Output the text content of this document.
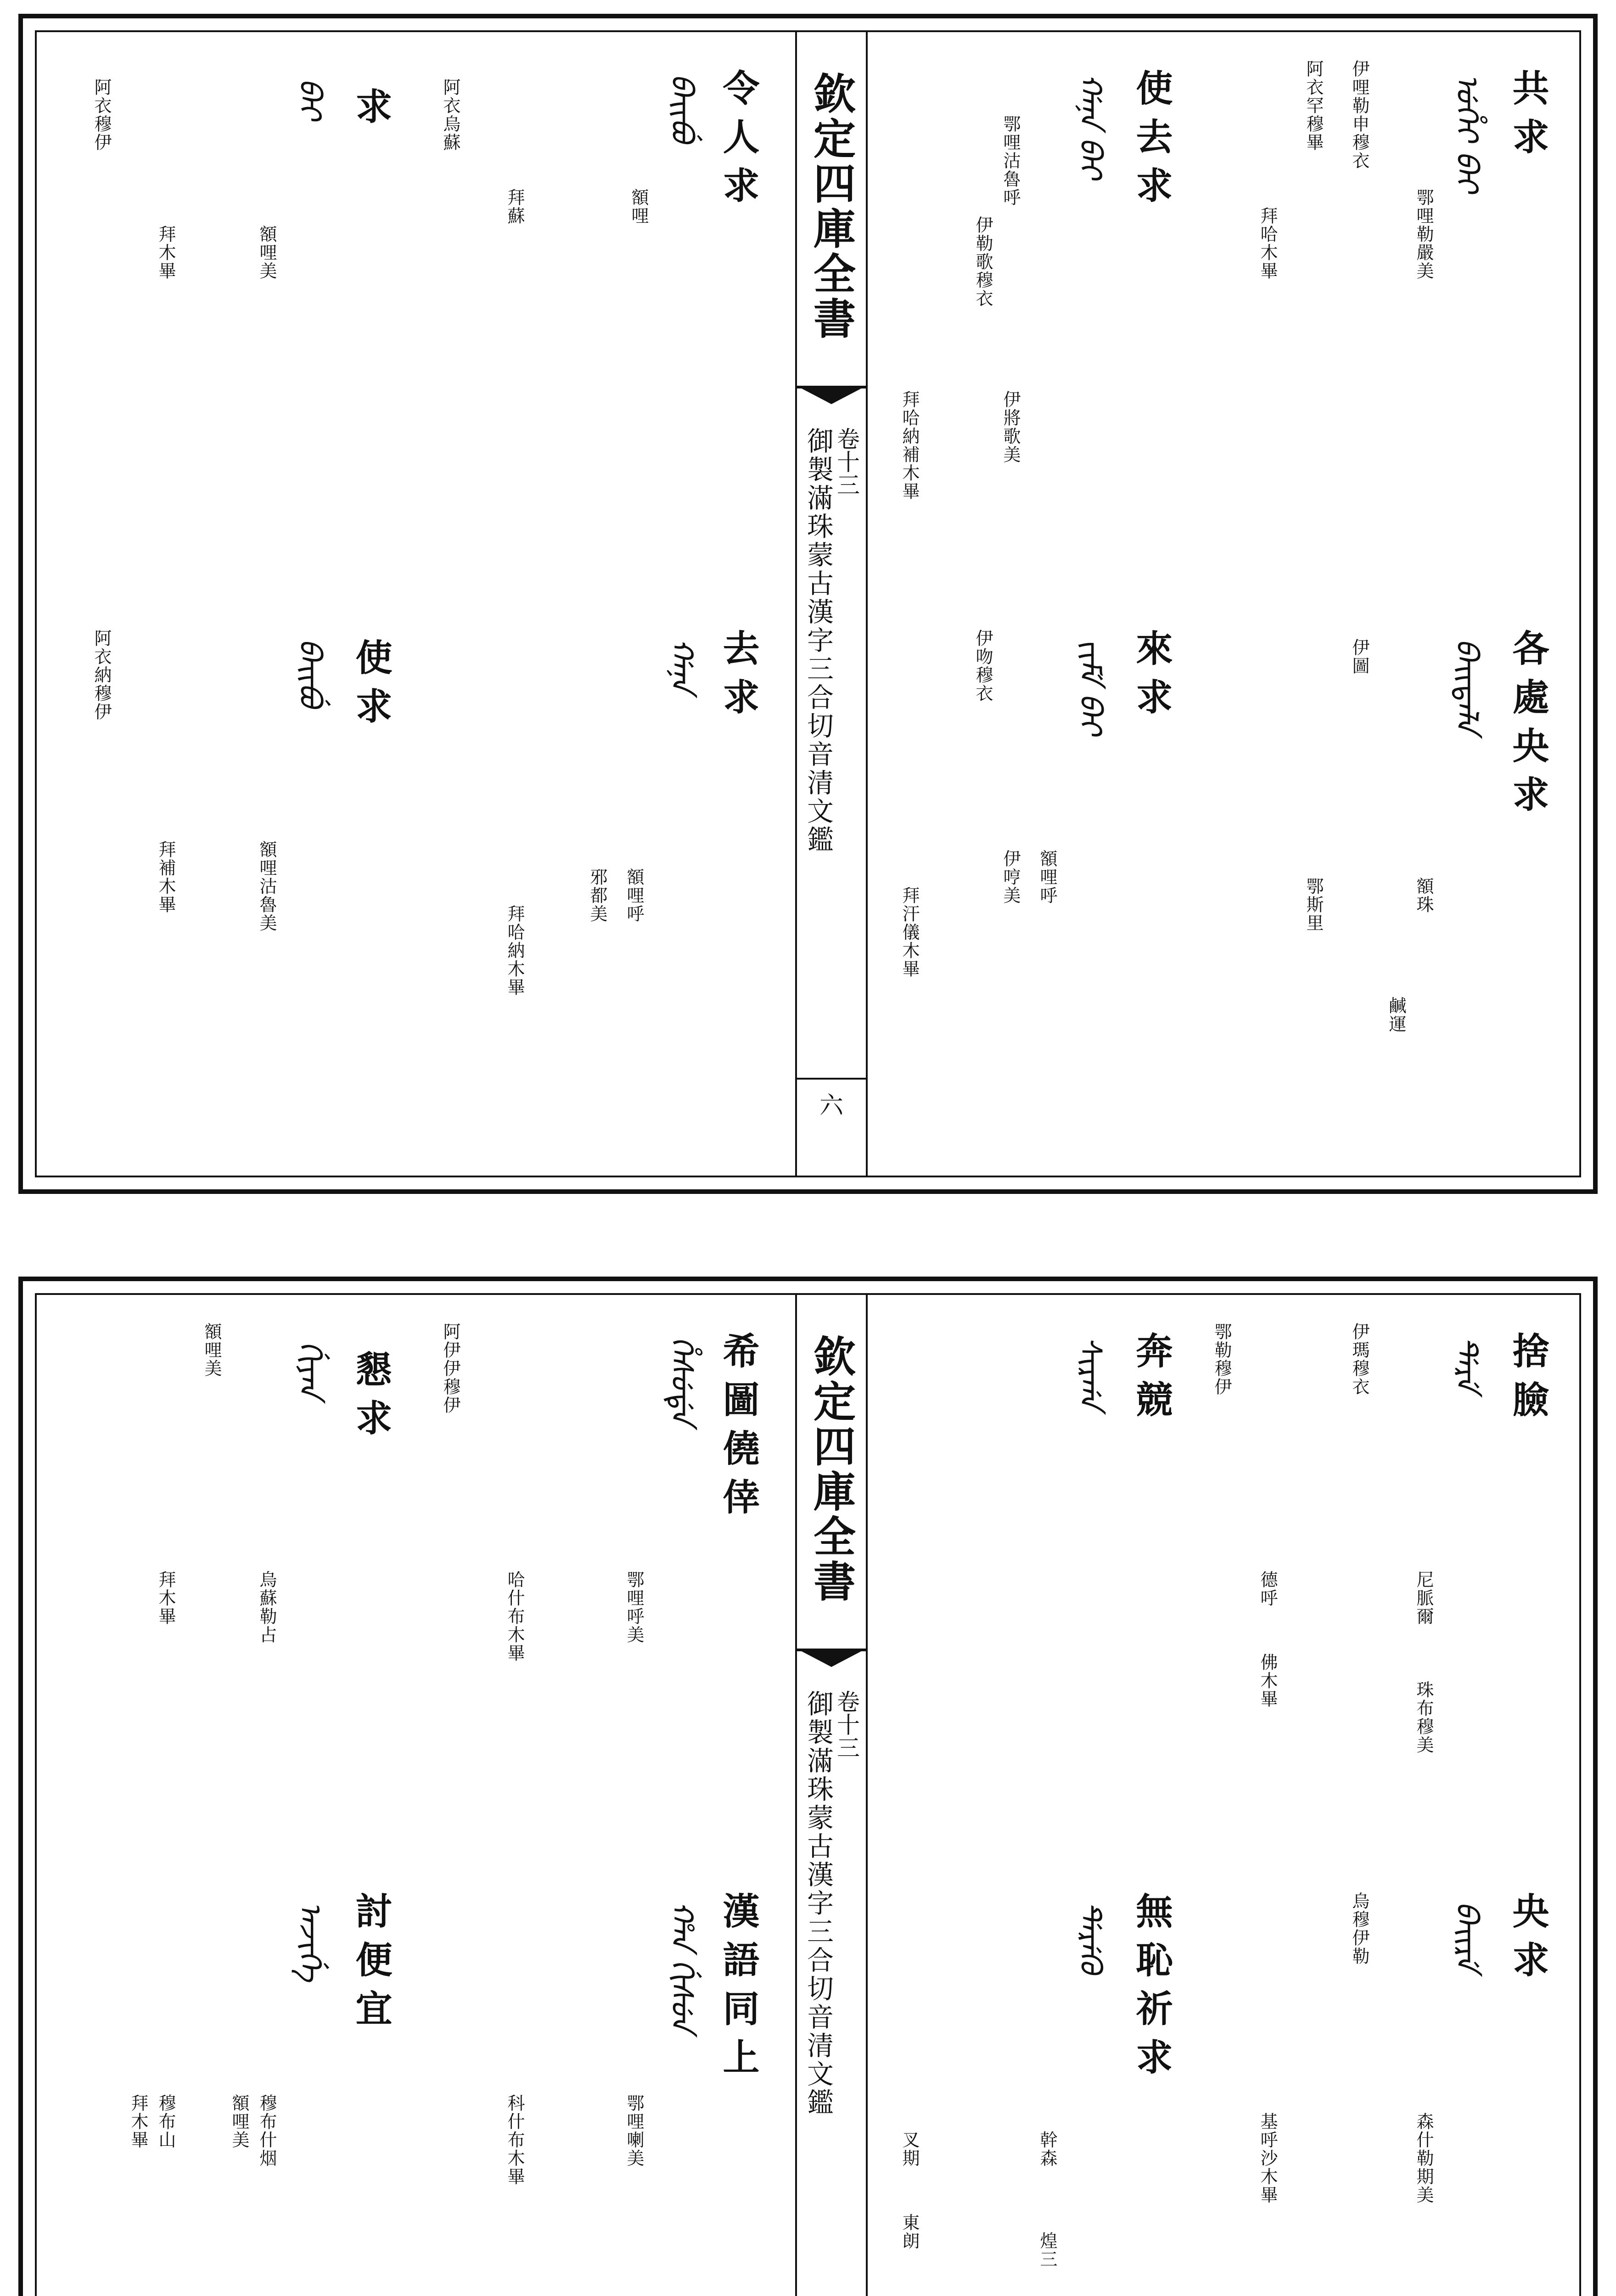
令人求
ᠪᠠᡳᠪᡠ
額哩
拜蘇
阿衣烏蘇
求
ᠪᠠᡳ
額哩美
拜木畢
阿衣穆伊
去求
ᡤᠠᠨᠠ
額哩呼
邪都美
拜哈納木畢
使求
ᠪᠠᡳᠪᡠ
額哩沽魯美
拜補木畢
阿衣納穆伊
欽定四庫全書
卷十三
御製滿珠蒙古漢字三合切音清文鑑
六
共求
ᡠᡥᡝᡳ ᠪᠠᡳ
鄂哩勒嚴美
伊哩勒申穆衣
阿衣罕穆畢
拜哈木畢
使去求
ᡤᠠᠨᠠ ᠪᠠᡳ
鄂哩沽魯呼
伊將歌美
伊勒歌穆衣
拜哈納補木畢
各處央求
ᠪᠠᡳᡨᠠᠯᠠ
額珠
鹹運
伊圖
鄂斯里
來求
ᠵᡳᠮᡝ ᠪᠠᡳ
額哩呼
伊哼美
伊吻穆衣
拜汗儀木畢
希圖僥倖
ᡥᡝᠰᡠᡩᡝ
鄂哩呼美
哈什布木畢
阿伊伊穆伊
懇求
ᡤᡳᠶᠠᠨ
烏蘇勒占
額哩美
拜木畢
漢語同上
ᡥᠠᠨ ᡤᡳᠰᡠᠨ
鄂哩喇美
科什布木畢
討便宜
ᠠᠵᡳᡤᡝ
穆布什烟
額哩美
穆布山
拜木畢
欽定四庫全書
卷十三
御製滿珠蒙古漢字三合切音清文鑑
捨臉
ᡩᡝᡵᡝ
尼脈爾
珠布穆美
伊瑪穆衣
奔競
ᠰᡳᡵᡤᠠ
德呼
佛木畢
鄂勒穆伊
央求
ᠪᠠᡳᡵᡝ
森什勒期美
基呼沙木畢
烏穆伊勒
無恥祈求
ᡩᡝᡵᡝᡴᡠ
幹森
煌三
叉期
東朗
